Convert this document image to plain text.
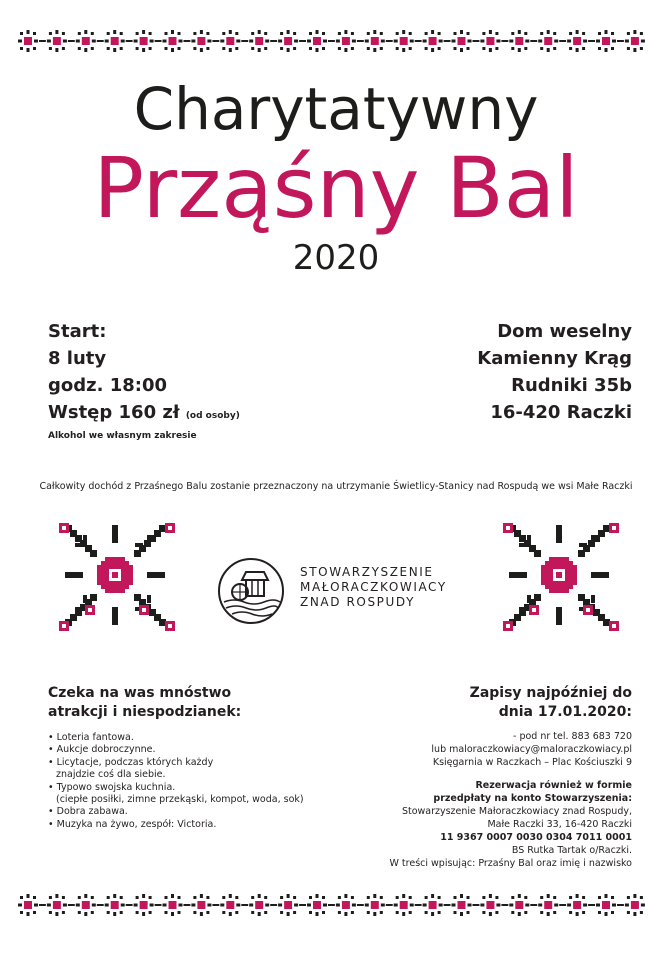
Charytatywny
Prząśny Bal
2020
Start:
8 luty
godz. 18:00
Wstęp 160 zł (od osoby)
Alkohol we własnym zakresie
Dom weselny
Kamienny Krąg
Rudniki 35b
16-420 Raczki
Całkowity dochód z Przaśnego Balu zostanie przeznaczony na utrzymanie Świetlicy-Stanicy nad Rospudą we wsi Małe Raczki
STOWARZYSZENIE
MAŁORACZKOWIACY
ZNAD ROSPUDY
Czeka na was mnóstwo
atrakcji i niespodzianek:
• Loteria fantowa.
• Aukcje dobroczynne.
• Licytacje, podczas których każdy
znajdzie coś dla siebie.
• Typowo swojska kuchnia.
(ciepłe posiłki, zimne przekąski, kompot, woda, sok)
• Dobra zabawa.
• Muzyka na żywo, zespół: Victoria.
Zapisy najpóźniej do
dnia 17.01.2020:
- pod nr tel. 883 683 720
lub maloraczkowiacy@maloraczkowiacy.pl
Księgarnia w Raczkach – Plac Kościuszki 9
Rezerwacja również w formie
przedpłaty na konto Stowarzyszenia:
Stowarzyszenie Małoraczkowiacy znad Rospudy,
Małe Raczki 33, 16-420 Raczki
11 9367 0007 0030 0304 7011 0001
BS Rutka Tartak o/Raczki.
W treści wpisując: Przaśny Bal oraz imię i nazwisko
